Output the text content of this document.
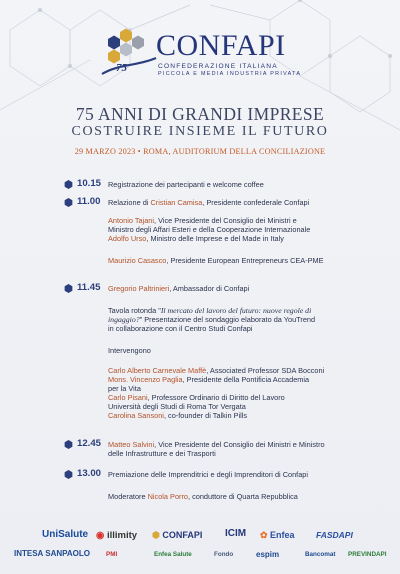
75
CONFAPI
CONFEDERAZIONE ITALIANA
PICCOLA E MEDIA INDUSTRIA PRIVATA
75 ANNI DI GRANDI IMPRESE
COSTRUIRE INSIEME IL FUTURO
29 MARZO 2023 • ROMA, AUDITORIUM DELLA CONCILIAZIONE
10.15 Registrazione dei partecipanti e welcome coffee
11.00 Relazione di Cristian Camisa, Presidente confederale Confapi
Antonio Tajani, Vice Presidente del Consiglio dei Ministri e
Ministro degli Affari Esteri e della Cooperazione Internazionale
Adolfo Urso, Ministro delle Imprese e del Made in Italy
Maurizio Casasco, Presidente European Entrepreneurs CEA-PME
11.45 Gregorio Paltrinieri, Ambassador di Confapi
Tavola rotonda "Il mercato del lavoro del futuro: nuove regole di
ingaggio?" Presentazione del sondaggio elaborato da YouTrend
in collaborazione con il Centro Studi Confapi
Intervengono
Carlo Alberto Carnevale Maffè, Associated Professor SDA Bocconi
Mons. Vincenzo Paglia, Presidente della Pontificia Accademia
per la Vita
Carlo Pisani, Professore Ordinario di Diritto del Lavoro
Università degli Studi di Roma Tor Vergata
Carolina Sansoni, co-founder di Talkin Pills
12.45 Matteo Salvini, Vice Presidente del Consiglio dei Ministri e Ministro
delle Infrastrutture e dei Trasporti
13.00 Premiazione delle Imprenditrici e degli Imprenditori di Confapi
Moderatore Nicola Porro, conduttore di Quarta Repubblica
UniSalute ◉ illimity ⬢ CONFAPI ICIM ✿ Enfea	FASDAPI
INTESA SANPAOLO	PMI	Enfea Salute	Fondo	espim	Bancomat PREVINDAPI
